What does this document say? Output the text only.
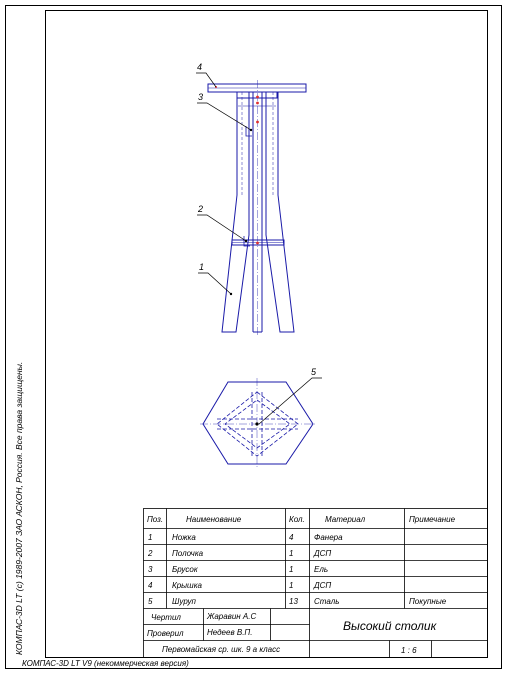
КОМПАС-3D LT (c) 1989-2007 ЗАО АСКОН, Россия. Все права защищены.
КОМПАС-3D LT V9 (некоммерческая версия)
4
3
2
1
5
Поз.	Наименование	Кол.	Материал	Примечание
1 Ножка	4	Фанера
2 Полочка	1	ДСП
3 Брусок	1	Ель
4 Крышка	1	ДСП
5 Шуруп	13 Сталь	Покупные
Чертил	Жаравин А.С
Проверил	Недеев В.П.	Высокий столик
Первомайская ср. шк. 9 а класс	1 : 6
